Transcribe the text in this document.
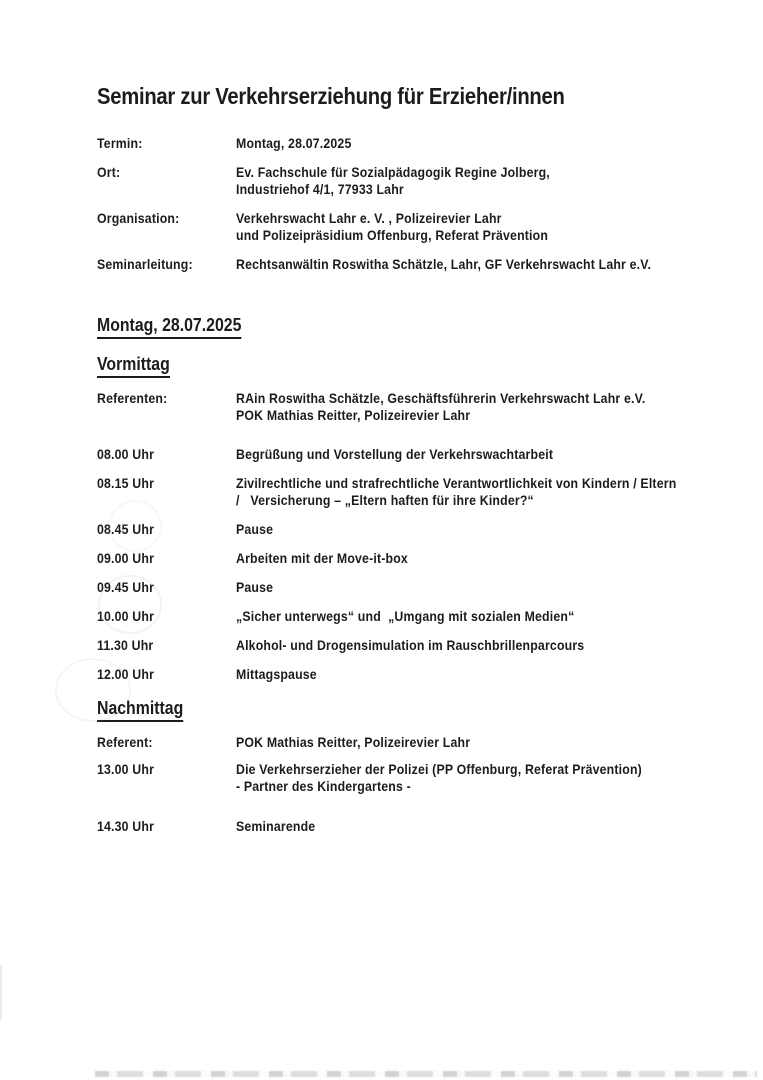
Seminar zur Verkehrserziehung für Erzieher/innen
Termin:	Montag, 28.07.2025
Ort:	Ev. Fachschule für Sozialpädagogik Regine Jolberg,
Industriehof 4/1, 77933 Lahr
Organisation:	Verkehrswacht Lahr e. V. , Polizeirevier Lahr
und Polizeipräsidium Offenburg, Referat Prävention
Seminarleitung:	Rechtsanwältin Roswitha Schätzle, Lahr, GF Verkehrswacht Lahr e.V.
Montag, 28.07.2025
Vormittag
Referenten:	RAin Roswitha Schätzle, Geschäftsführerin Verkehrswacht Lahr e.V.
POK Mathias Reitter, Polizeirevier Lahr
08.00 Uhr	Begrüßung und Vorstellung der Verkehrswachtarbeit
08.15 Uhr	Zivilrechtliche und strafrechtliche Verantwortlichkeit von Kindern / Eltern
/   Versicherung – „Eltern haften für ihre Kinder?“
08.45 Uhr	Pause
09.00 Uhr	Arbeiten mit der Move-it-box
09.45 Uhr	Pause
10.00 Uhr	„Sicher unterwegs“ und  „Umgang mit sozialen Medien“
11.30 Uhr	Alkohol- und Drogensimulation im Rauschbrillenparcours
12.00 Uhr	Mittagspause
Nachmittag
Referent:	POK Mathias Reitter, Polizeirevier Lahr
13.00 Uhr	Die Verkehrserzieher der Polizei (PP Offenburg, Referat Prävention)
- Partner des Kindergartens -
14.30 Uhr	Seminarende
